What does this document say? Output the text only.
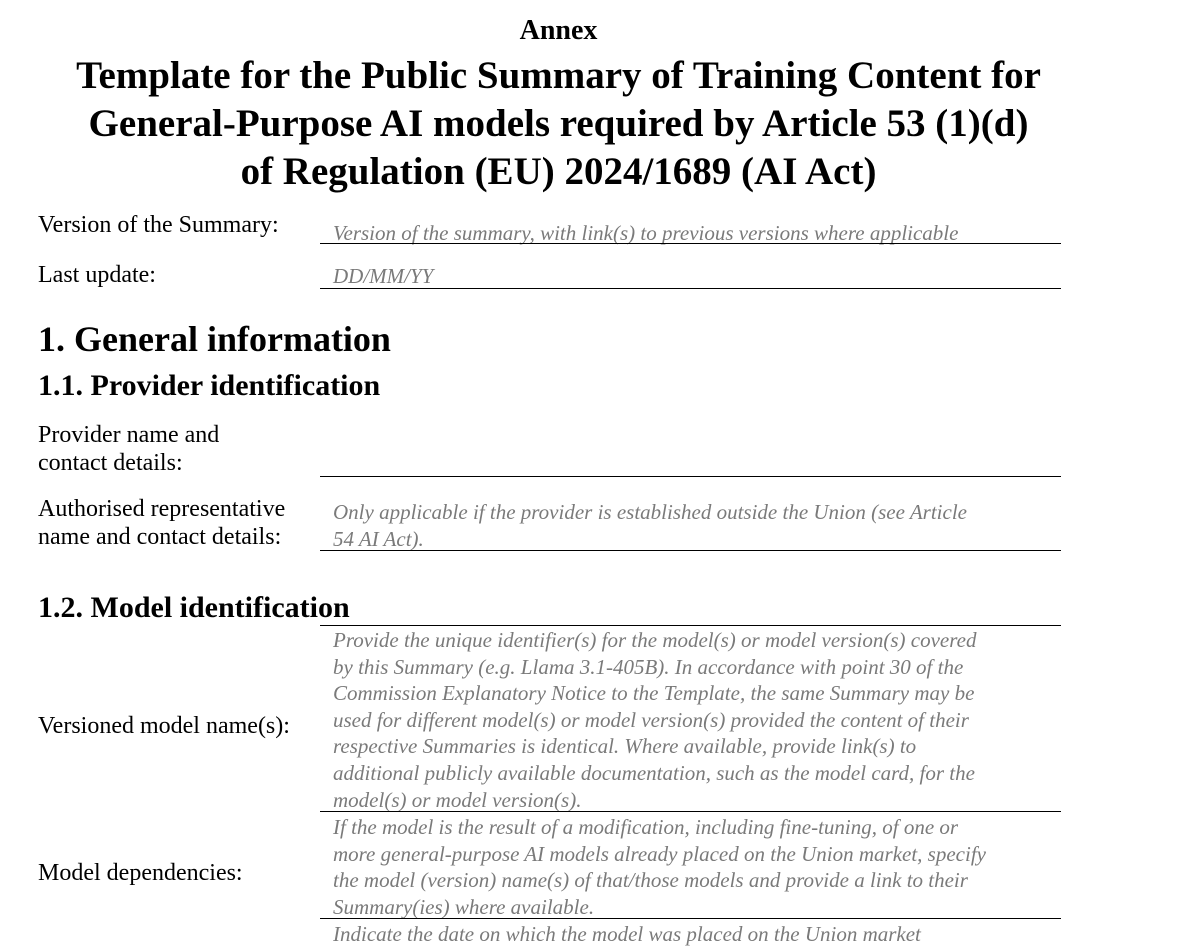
Annex
Template for the Public Summary of Training Content for
General-Purpose AI models required by Article 53 (1)(d)
of Regulation (EU) 2024/1689 (AI Act)
Version of the Summary:	Version of the summary, with link(s) to previous versions where applicable
Last update:	DD/MM/YY
1. General information
1.1. Provider identification
Provider name and
contact details:
Authorised representative
name and contact details:
Only applicable if the provider is established outside the Union (see Article
54 AI Act).
1.2. Model identification
Versioned model name(s):
Provide the unique identifier(s) for the model(s) or model version(s) covered
by this Summary (e.g. Llama 3.1-405B). In accordance with point 30 of the
Commission Explanatory Notice to the Template, the same Summary may be
used for different model(s) or model version(s) provided the content of their
respective Summaries is identical. Where available, provide link(s) to
additional publicly available documentation, such as the model card, for the
model(s) or model version(s).
Model dependencies:
If the model is the result of a modification, including fine-tuning, of one or
more general-purpose AI models already placed on the Union market, specify
the model (version) name(s) of that/those models and provide a link to their
Summary(ies) where available.
Indicate the date on which the model was placed on the Union market
